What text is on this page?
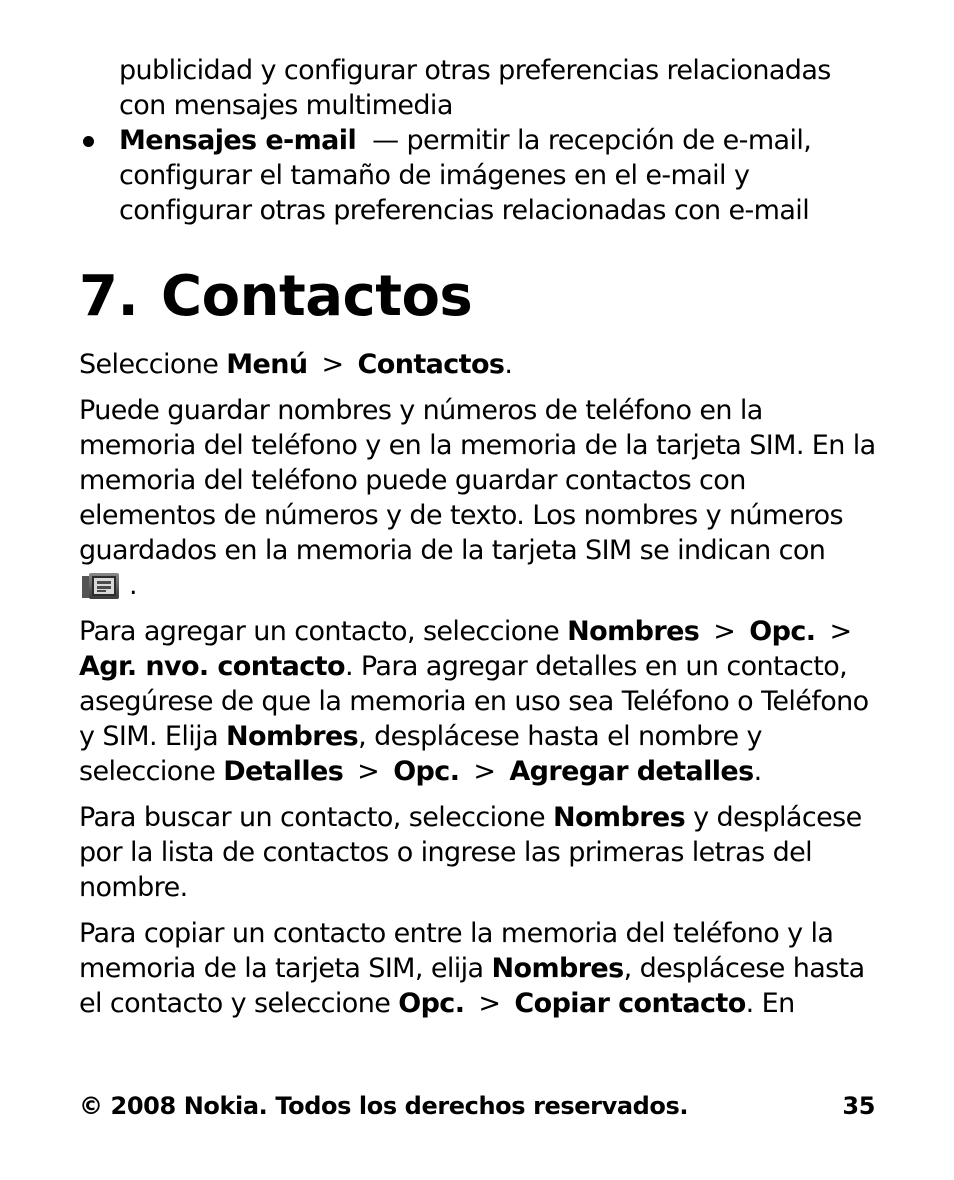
publicidad y configurar otras preferencias relacionadas con mensajes multimedia
Mensajes e-mail — permitir la recepción de e-mail, configurar el tamaño de imágenes en el e-mail y configurar otras preferencias relacionadas con e-mail
7. Contactos

Seleccione Menú > Contactos.

Puede guardar nombres y números de teléfono en la memoria del teléfono y en la memoria de la tarjeta SIM. En la memoria del teléfono puede guardar contactos con elementos de números y de texto. Los nombres y números guardados en la memoria de la tarjeta SIM se indican con
.

Para agregar un contacto, seleccione Nombres > Opc. >Agr. nvo. contacto. Para agregar detalles en un contacto, asegúrese de que la memoria en uso sea Teléfono o Teléfono y SIM. Elija Nombres, desplácese hasta el nombre y seleccione Detalles > Opc. > Agregar detalles.

Para buscar un contacto, seleccione Nombres y desplácese por la lista de contactos o ingrese las primeras letras del nombre.

Para copiar un contacto entre la memoria del teléfono y la memoria de la tarjeta SIM, elija Nombres, desplácese hasta el contacto y seleccione Opc. > Copiar contacto. En

© 2008 Nokia. Todos los derechos reservados.	35
